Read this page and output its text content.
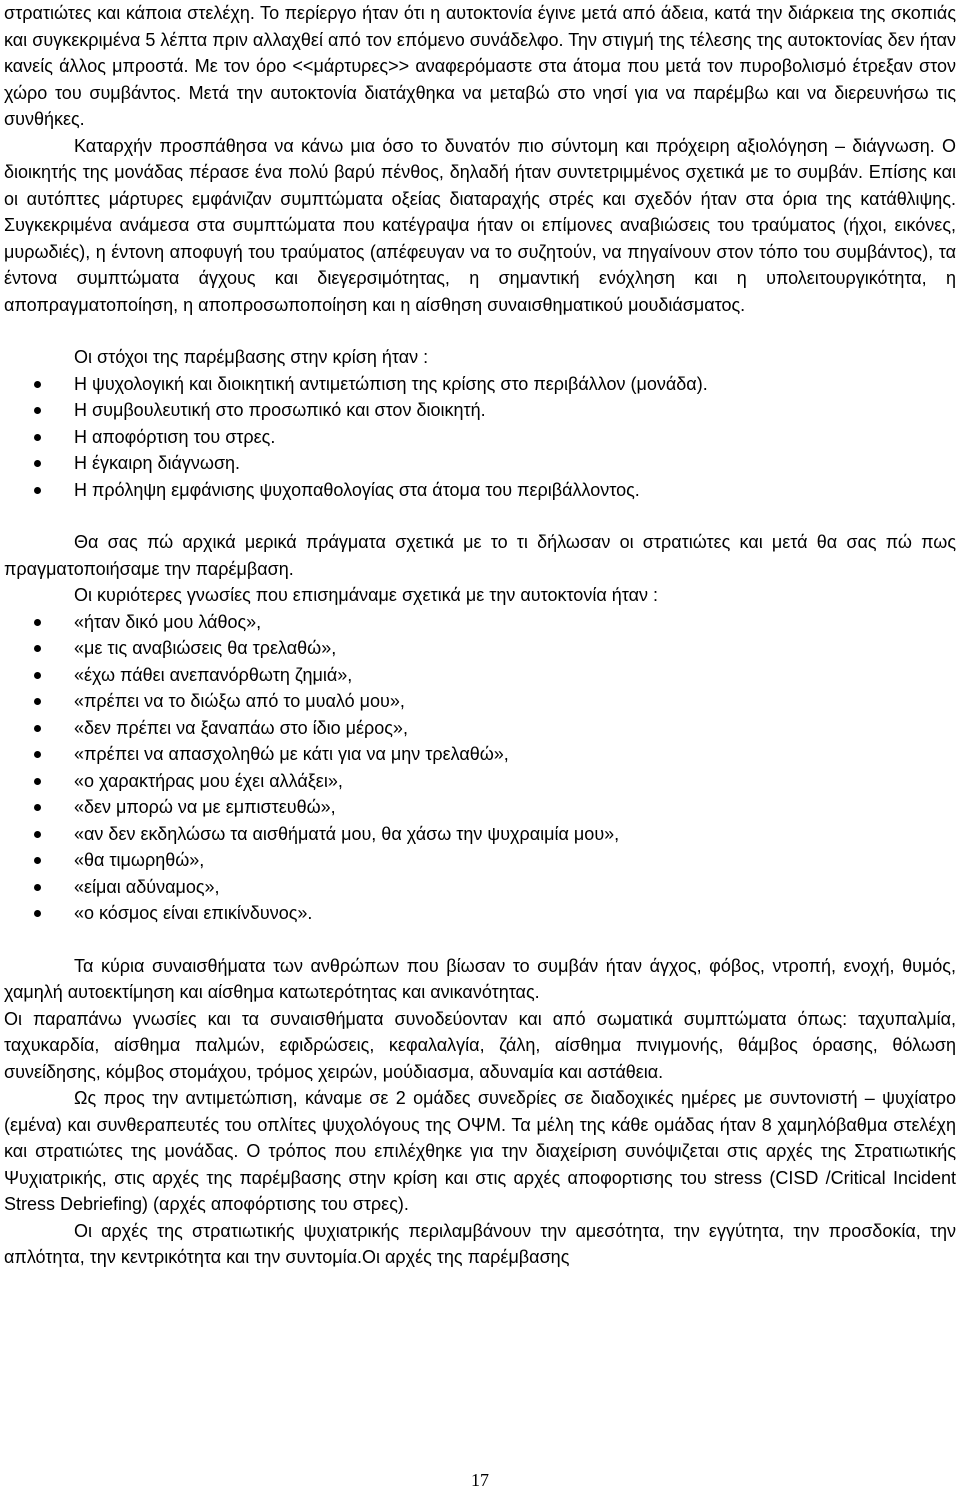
στρατιώτες και κάποια στελέχη. Το περίεργο ήταν ότι η αυτοκτονία έγινε μετά από άδεια, κατά την διάρκεια της σκοπιάς και συγκεκριμένα 5 λέπτα πριν αλλαχθεί από τον επόμενο συνάδελφο. Την στιγμή της τέλεσης της αυτοκτονίας δεν ήταν κανείς άλλος μπροστά. Με τον όρο <<μάρτυρες>> αναφερόμαστε στα άτομα που μετά τον πυροβολισμό έτρεξαν στον χώρο του συμβάντος. Μετά την αυτοκτονία διατάχθηκα να μεταβώ στο νησί για να παρέμβω και να διερευνήσω τις συνθήκες.

Καταρχήν προσπάθησα να κάνω μια όσο το δυνατόν πιο σύντομη και πρόχειρη αξιολόγηση – διάγνωση. Ο διοικητής της μονάδας πέρασε ένα πολύ βαρύ πένθος, δηλαδή ήταν συντετριμμένος σχετικά με το συμβάν. Επίσης και οι αυτόπτες μάρτυρες εμφάνιζαν συμπτώματα οξείας διαταραχής στρές και σχεδόν ήταν στα όρια της κατάθλιψης. Συγκεκριμένα ανάμεσα στα συμπτώματα που κατέγραψα ήταν οι επίμονες αναβιώσεις του τραύματος (ήχοι, εικόνες, μυρωδιές), η έντονη αποφυγή του τραύματος (απέφευγαν να το συζητούν, να πηγαίνουν στον τόπο του συμβάντος), τα έντονα συμπτώματα άγχους και διεγερσιμότητας, η σημαντική ενόχληση και η υπολειτουργικότητα, η αποπραγματοποίηση, η αποπροσωποποίηση και η αίσθηση συναισθηματικού μουδιάσματος.

Οι στόχοι της παρέμβασης στην κρίση ήταν :

Η ψυχολογική και διοικητική αντιμετώπιση της κρίσης στο περιβάλλον (μονάδα).
Η συμβουλευτική στο προσωπικό και στον διοικητή.
Η αποφόρτιση του στρες.
Η έγκαιρη διάγνωση.
Η πρόληψη εμφάνισης ψυχοπαθολογίας στα άτομα του περιβάλλοντος.

Θα σας πώ αρχικά μερικά πράγματα σχετικά με το τι δήλωσαν οι στρατιώτες και μετά θα σας πώ πως πραγματοποιήσαμε την παρέμβαση.

Οι κυριότερες γνωσίες που επισημάναμε σχετικά με την αυτοκτονία ήταν :

«ήταν δικό μου λάθος»,
«με τις αναβιώσεις θα τρελαθώ»,
«έχω πάθει ανεπανόρθωτη ζημιά»,
«πρέπει να το διώξω από το μυαλό μου»,
«δεν πρέπει να ξαναπάω στο ίδιο μέρος»,
«πρέπει να απασχοληθώ με κάτι για να μην τρελαθώ»,
«ο χαρακτήρας μου έχει αλλάξει»,
«δεν μπορώ να με εμπιστευθώ»,
«αν δεν εκδηλώσω τα αισθήματά μου, θα χάσω την ψυχραιμία μου»,
«θα τιμωρηθώ»,
«είμαι αδύναμος»,
«ο κόσμος είναι επικίνδυνος».

Τα κύρια συναισθήματα των ανθρώπων που βίωσαν το συμβάν ήταν άγχος, φόβος, ντροπή, ενοχή, θυμός, χαμηλή αυτοεκτίμηση και αίσθημα κατωτερότητας και ανικανότητας.

Οι παραπάνω γνωσίες και τα συναισθήματα συνοδεύονταν και από σωματικά συμπτώματα όπως: ταχυπαλμία, ταχυκαρδία, αίσθημα παλμών, εφιδρώσεις, κεφαλαλγία, ζάλη, αίσθημα πνιγμονής, θάμβος όρασης, θόλωση συνείδησης, κόμβος στομάχου, τρόμος χειρών, μούδιασμα, αδυναμία και αστάθεια.

Ως προς την αντιμετώπιση, κάναμε σε 2 ομάδες συνεδρίες σε διαδοχικές ημέρες με συντονιστή – ψυχίατρο (εμένα) και συνθεραπευτές του οπλίτες ψυχολόγους της ΟΨΜ. Τα μέλη της κάθε ομάδας ήταν 8 χαμηλόβαθμα στελέχη και στρατιώτες της μονάδας. Ο τρόπος που επιλέχθηκε για την διαχείριση συνόψιζεται στις αρχές της Στρατιωτικής Ψυχιατρικής, στις αρχές της παρέμβασης στην κρίση και στις αρχές αποφορτισης του stress (CISD /Critical Incident Stress Debriefing) (αρχές αποφόρτισης του στρες).

Οι αρχές της στρατιωτικής ψυχιατρικής περιλαμβάνουν την αμεσότητα, την εγγύτητα, την προσδοκία, την απλότητα, την κεντρικότητα και την συντομία.Οι αρχές της παρέμβασης

17
